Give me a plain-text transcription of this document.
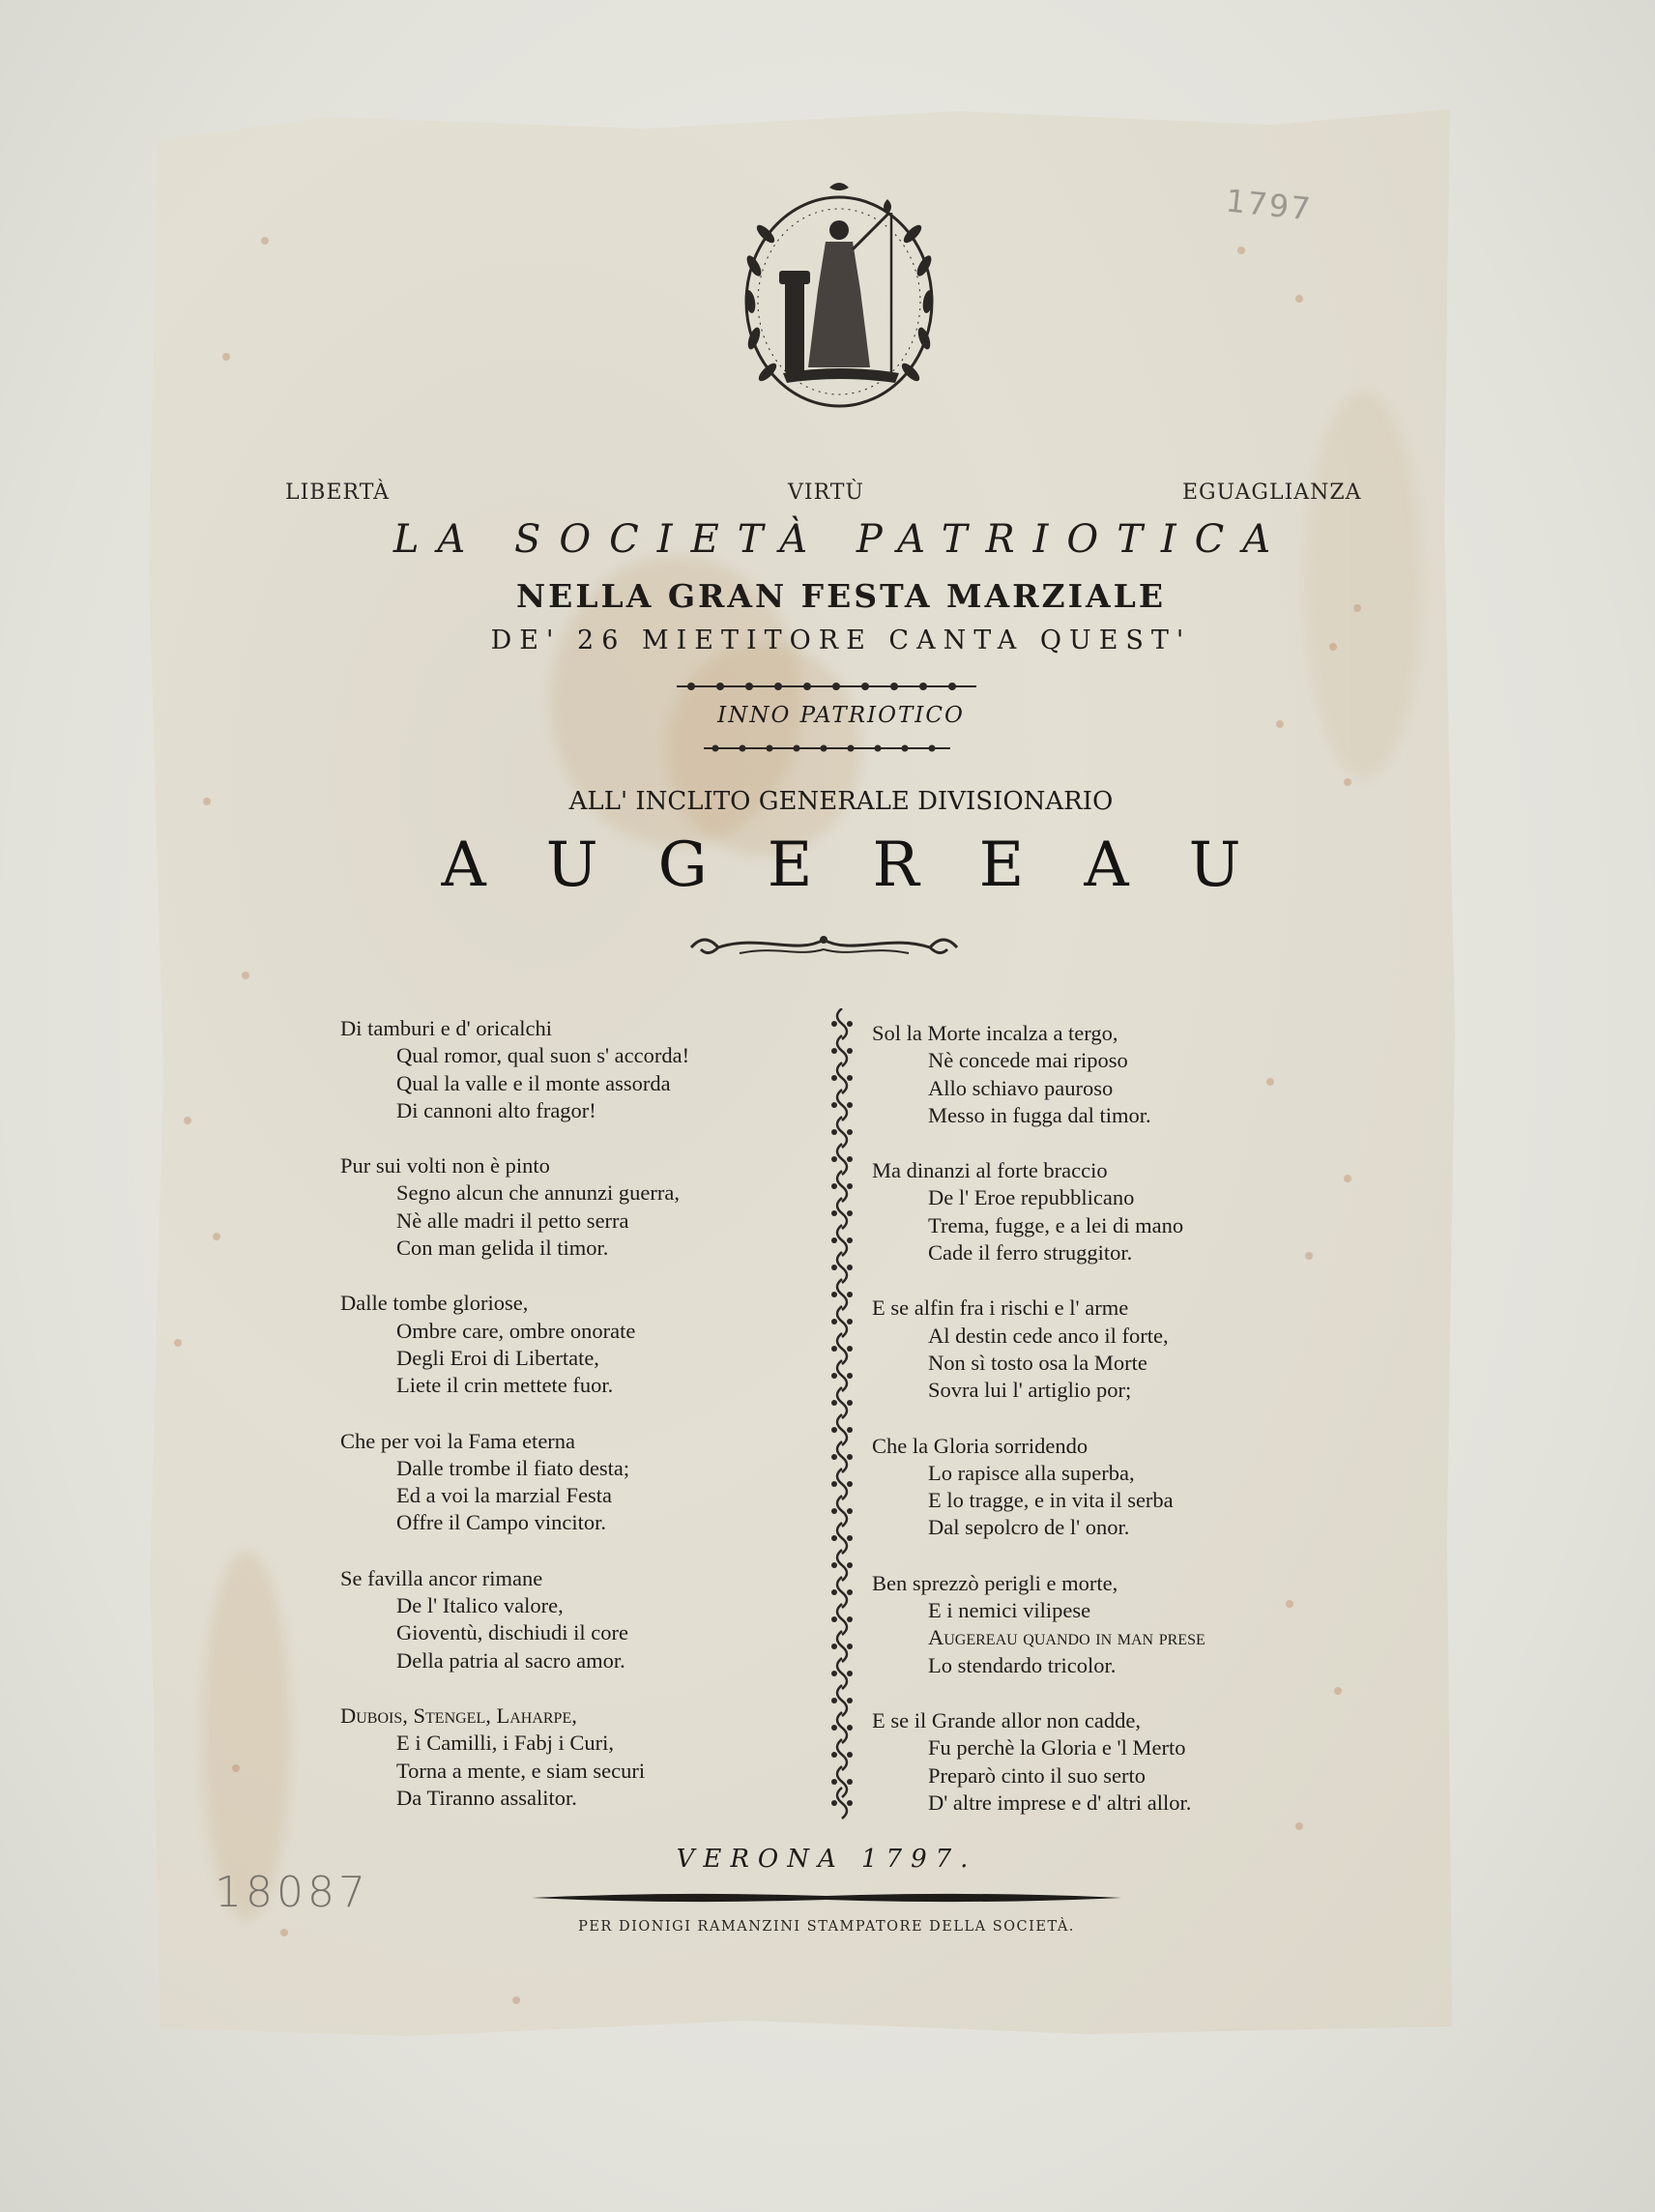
1797
18087
LIBERTÀ	VIRTÙ	EGUAGLIANZA
LA SOCIETÀ PATRIOTICA
NELLA GRAN FESTA MARZIALE
DE' 26 MIETITORE CANTA QUEST'
INNO PATRIOTICO
ALL' INCLITO GENERALE DIVISIONARIO
AUGEREAU
Di tamburi e d' oricalchi
Qual romor, qual suon s' accorda!
Qual la valle e il monte assorda
Di cannoni alto fragor!
Pur sui volti non è pinto
Segno alcun che annunzi guerra,
Nè alle madri il petto serra
Con man gelida il timor.
Dalle tombe gloriose,
Ombre care, ombre onorate
Degli Eroi di Libertate,
Liete il crin mettete fuor.
Che per voi la Fama eterna
Dalle trombe il fiato desta;
Ed a voi la marzial Festa
Offre il Campo vincitor.
Se favilla ancor rimane
De l' Italico valore,
Gioventù, dischiudi il core
Della patria al sacro amor.
Dubois, Stengel, Laharpe,
E i Camilli, i Fabj i Curi,
Torna a mente, e siam securi
Da Tiranno assalitor.
Sol la Morte incalza a tergo,
Nè concede mai riposo
Allo schiavo pauroso
Messo in fugga dal timor.
Ma dinanzi al forte braccio
De l' Eroe repubblicano
Trema, fugge, e a lei di mano
Cade il ferro struggitor.
E se alfin fra i rischi e l' arme
Al destin cede anco il forte,
Non sì tosto osa la Morte
Sovra lui l' artiglio por;
Che la Gloria sorridendo
Lo rapisce alla superba,
E lo tragge, e in vita il serba
Dal sepolcro de l' onor.
Ben sprezzò perigli e morte,
E i nemici vilipese
Augereau quando in man prese
Lo stendardo tricolor.
E se il Grande allor non cadde,
Fu perchè la Gloria e 'l Merto
Preparò cinto il suo serto
D' altre imprese e d' altri allor.
VERONA 1797.
PER DIONIGI RAMANZINI STAMPATORE DELLA SOCIETÀ.
